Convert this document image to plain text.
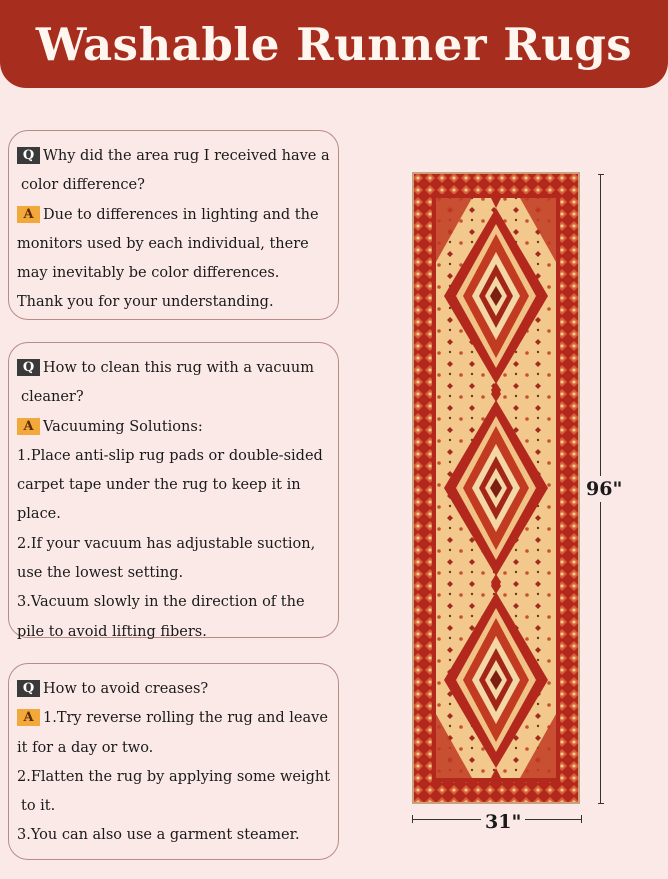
Washable Runner Rugs
Q Why did the area rug I received have a
color difference?
A Due to differences in lighting and the
monitors used by each individual, there
may inevitably be color differences.
Thank you for your understanding.
Q How to clean this rug with a vacuum
cleaner?
A Vacuuming Solutions:
1.Place anti-slip rug pads or double-sided
carpet tape under the rug to keep it in
place.
2.If your vacuum has adjustable suction,
use the lowest setting.
3.Vacuum slowly in the direction of the
pile to avoid lifting fibers.
Q How to avoid creases?
A 1.Try reverse rolling the rug and leave
it for a day or two.
2.Flatten the rug by applying some weight
to it.
3.You can also use a garment steamer.
96"
31"
